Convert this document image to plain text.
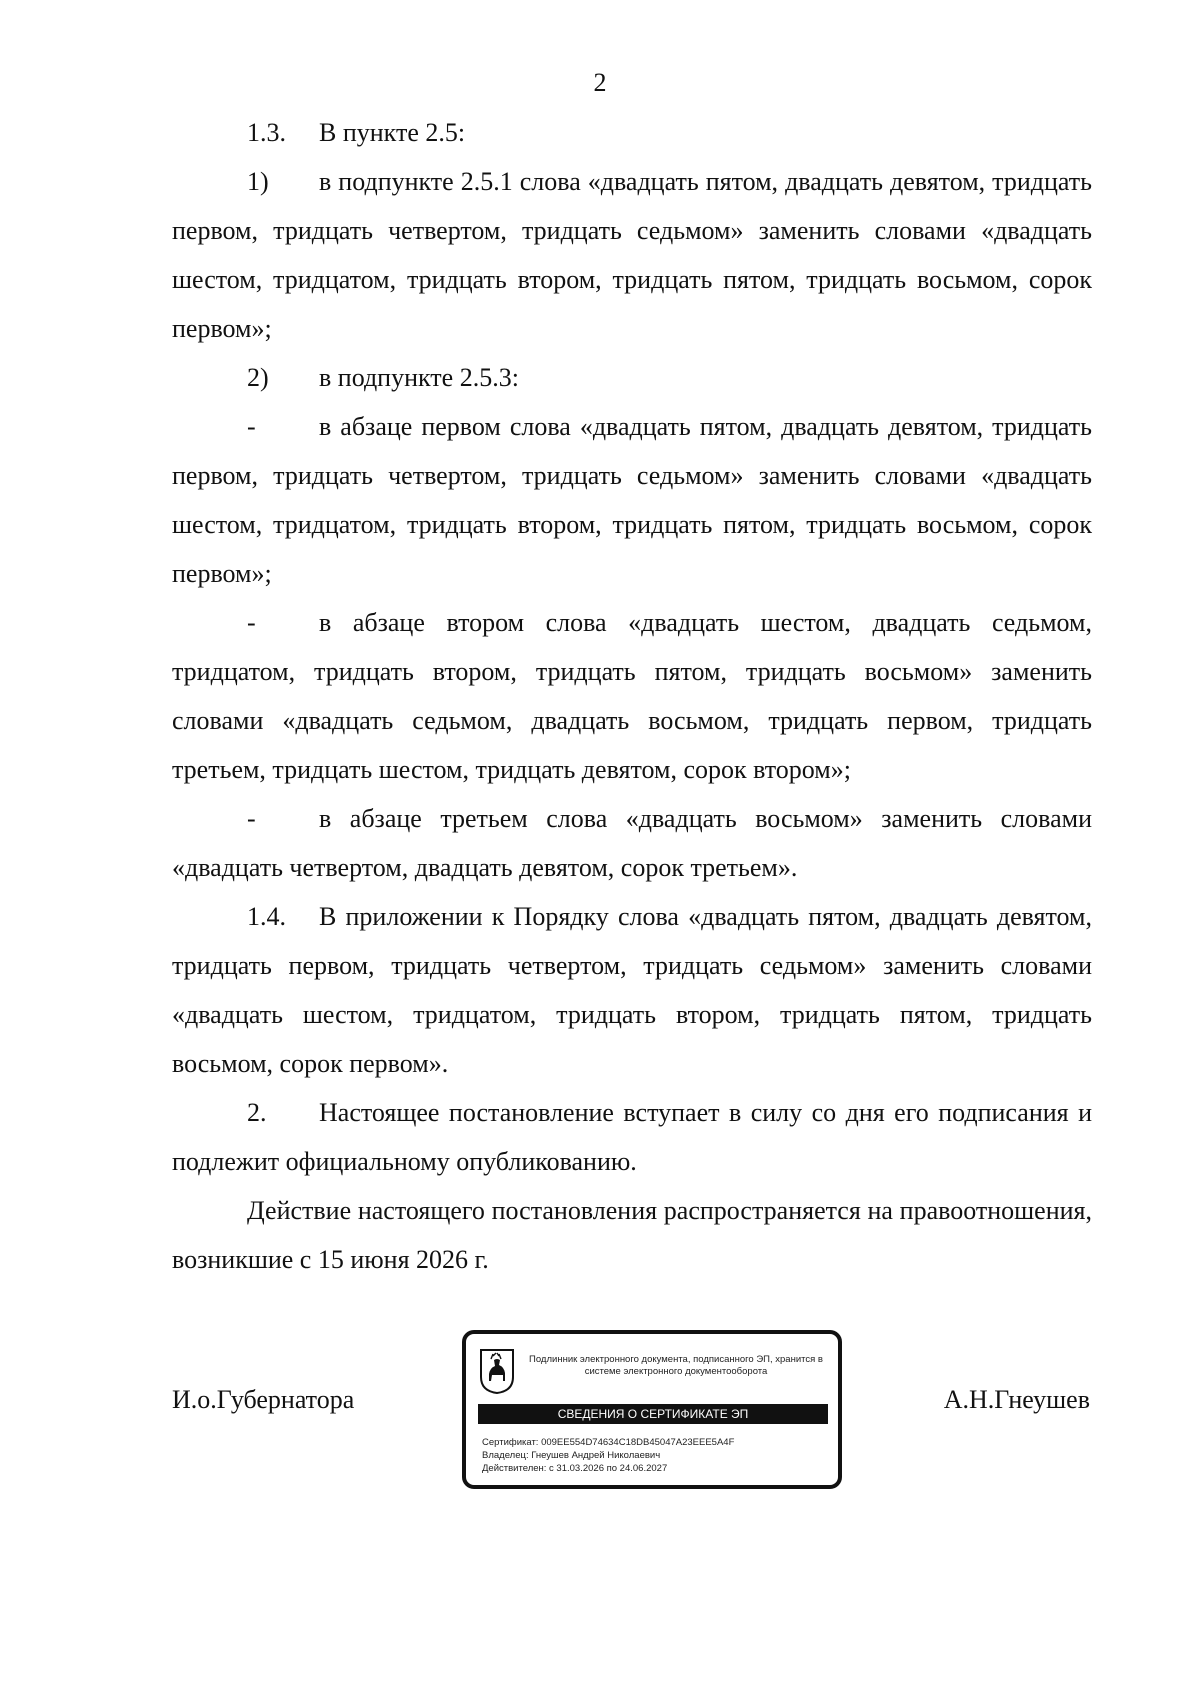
2

1.3. В пункте 2.5:

1) в подпункте 2.5.1 слова «двадцать пятом, двадцать девятом, тридцать первом, тридцать четвертом, тридцать седьмом» заменить словами «двадцать шестом, тридцатом, тридцать втором, тридцать пятом, тридцать восьмом, сорок первом»;

2) в подпункте 2.5.3:

- в абзаце первом слова «двадцать пятом, двадцать девятом, тридцать первом, тридцать четвертом, тридцать седьмом» заменить словами «двадцать шестом, тридцатом, тридцать втором, тридцать пятом, тридцать восьмом, сорок первом»;

- в абзаце втором слова «двадцать шестом, двадцать седьмом, тридцатом, тридцать втором, тридцать пятом, тридцать восьмом» заменить словами «двадцать седьмом, двадцать восьмом, тридцать первом, тридцать третьем, тридцать шестом, тридцать девятом, сорок втором»;

- в абзаце третьем слова «двадцать восьмом» заменить словами «двадцать четвертом, двадцать девятом, сорок третьем».

1.4. В приложении к Порядку слова «двадцать пятом, двадцать девятом, тридцать первом, тридцать четвертом, тридцать седьмом» заменить словами «двадцать шестом, тридцатом, тридцать втором, тридцать пятом, тридцать восьмом, сорок первом».

2. Настоящее постановление вступает в силу со дня его подписания и подлежит официальному опубликованию.

Действие настоящего постановления распространяется на правоотношения, возникшие с 15 июня 2026 г.

И.о.Губернатора
Подлинник электронного документа, подписанного ЭП, хранится в системе электронного документооборота
СВЕДЕНИЯ О СЕРТИФИКАТЕ ЭП
Сертификат: 009EE554D74634C18DB45047A23EEE5A4F
Владелец: Гнеушев Андрей Николаевич
Действителен: с 31.03.2026 по 24.06.2027
А.Н.Гнеушев
